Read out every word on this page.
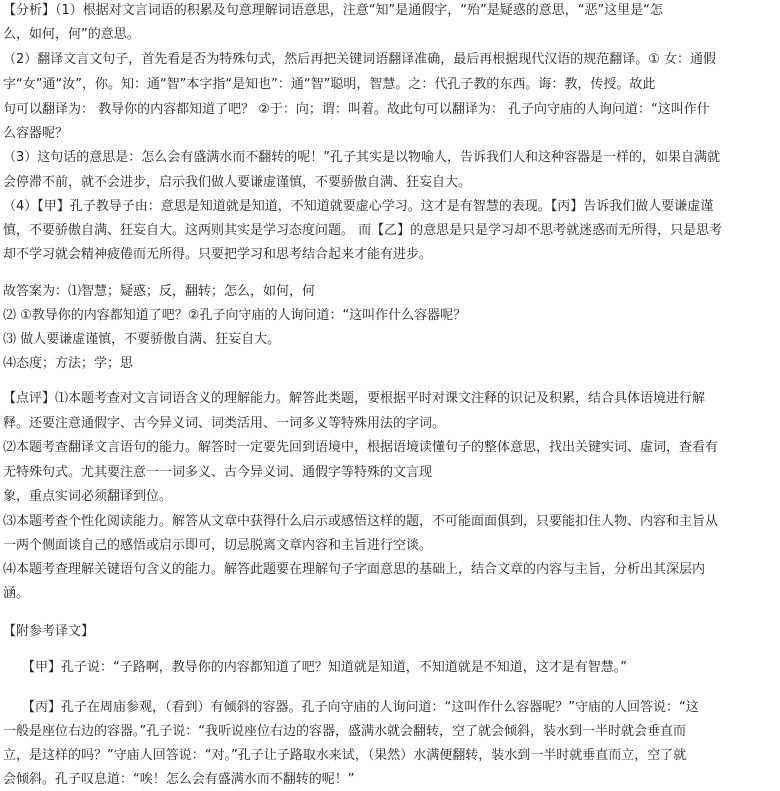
【分析】（1）根据对文言词语的积累及句意理解词语意思，注意“知”是通假字，“殆”是疑惑的意思，“恶”这里是“怎
么，如何，何”的意思。
（2）翻译文言文句子，首先看是否为特殊句式，然后再把关键词语翻译准确，最后再根据现代汉语的规范翻译。① 女：通假
字“女”通“汝”，你。知：通“智”本字指“是知也”：通“智”聪明，智慧。之：代孔子教的东西。诲：教，传授。故此
句可以翻译为： 教导你的内容都知道了吧？ ②于：向；谓：叫着。故此句可以翻译为： 孔子向守庙的人询问道：“这叫作什
么容器呢？
（3）这句话的意思是：怎么会有盛满水而不翻转的呢！”孔子其实是以物喻人，告诉我们人和这种容器是一样的，如果自满就
会停滞不前，就不会进步，启示我们做人要谦虚谨慎，不要骄傲自满、狂妄自大。
（4）【甲】孔子教导子由：意思是知道就是知道，不知道就要虚心学习。这才是有智慧的表现。【丙】告诉我们做人要谦虚谨
慎，不要骄傲自满、狂妄自大。这两则其实是学习态度问题。 而【乙】的意思是只是学习却不思考就迷惑而无所得，只是思考
却不学习就会精神疲倦而无所得。只要把学习和思考结合起来才能有进步。
故答案为：⑴智慧；疑惑；反，翻转；怎么，如何，何
⑵ ①教导你的内容都知道了吧？②孔子向守庙的人询问道：“这叫作什么容器呢？
⑶ 做人要谦虚谨慎，不要骄傲自满、狂妄自大。
⑷态度；方法；学；思
【点评】⑴本题考查对文言词语含义的理解能力。解答此类题，要根据平时对课文注释的识记及积累，结合具体语境进行解
释。还要注意通假字、古今异义词、词类活用、一词多义等特殊用法的字词。
⑵本题考查翻译文言语句的能力。解答时一定要先回到语境中，根据语境读懂句子的整体意思，找出关键实词、虚词，查看有
无特殊句式。尤其要注意一一词多义、古今异义词、通假字等特殊的文言现
象，重点实词必须翻译到位。
⑶本题考查个性化阅读能力。解答从文章中获得什么启示或感悟这样的题，不可能面面俱到，只要能扣住人物、内容和主旨从
一两个侧面谈自己的感悟或启示即可，切忌脱离文章内容和主旨进行空谈。
⑷本题考查理解关键语句含义的能力。解答此题要在理解句子字面意思的基础上，结合文章的内容与主旨，分析出其深层内
涵。
【附参考译文】
【甲】孔子说：“子路啊，教导你的内容都知道了吧？知道就是知道，不知道就是不知道，这才是有智慧。”
【丙】孔子在周庙参观，（看到）有倾斜的容器。孔子向守庙的人询问道：“这叫作什么容器呢？”守庙的人回答说：“这
一般是座位右边的容器。”孔子说：“我听说座位右边的容器，盛满水就会翻转，空了就会倾斜，装水到一半时就会垂直而
立，是这样的吗？”守庙人回答说：“对。”孔子让子路取水来试，（果然）水满便翻转，装水到一半时就垂直而立，空了就
会倾斜。孔子叹息道：“唉！怎么会有盛满水而不翻转的呢！”
